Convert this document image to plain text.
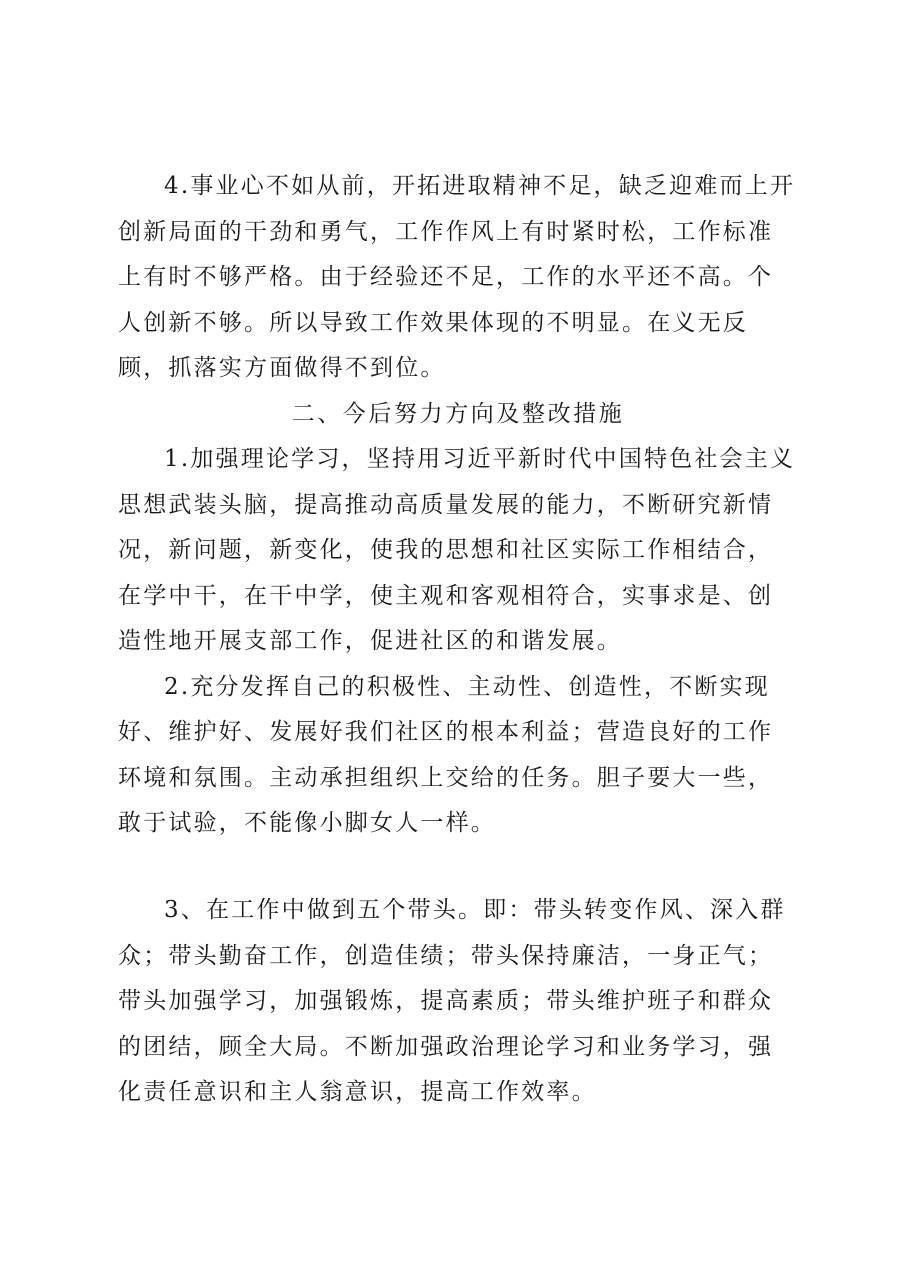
4.事业心不如从前，开拓进取精神不足，缺乏迎难而上开创新局面的干劲和勇气，工作作风上有时紧时松，工作标准上有时不够严格。由于经验还不足，工作的水平还不高。个人创新不够。所以导致工作效果体现的不明显。在义无反顾，抓落实方面做得不到位。

二、今后努力方向及整改措施

1.加强理论学习，坚持用习近平新时代中国特色社会主义思想武装头脑，提高推动高质量发展的能力，不断研究新情况，新问题，新变化，使我的思想和社区实际工作相结合，在学中干，在干中学，使主观和客观相符合，实事求是、创造性地开展支部工作，促进社区的和谐发展。

2.充分发挥自己的积极性、主动性、创造性，不断实现好、维护好、发展好我们社区的根本利益；营造良好的工作环境和氛围。主动承担组织上交给的任务。胆子要大一些，敢于试验，不能像小脚女人一样。

3、在工作中做到五个带头。即：带头转变作风、深入群众；带头勤奋工作，创造佳绩；带头保持廉洁，一身正气；带头加强学习，加强锻炼，提高素质；带头维护班子和群众的团结，顾全大局。不断加强政治理论学习和业务学习，强化责任意识和主人翁意识，提高工作效率。
